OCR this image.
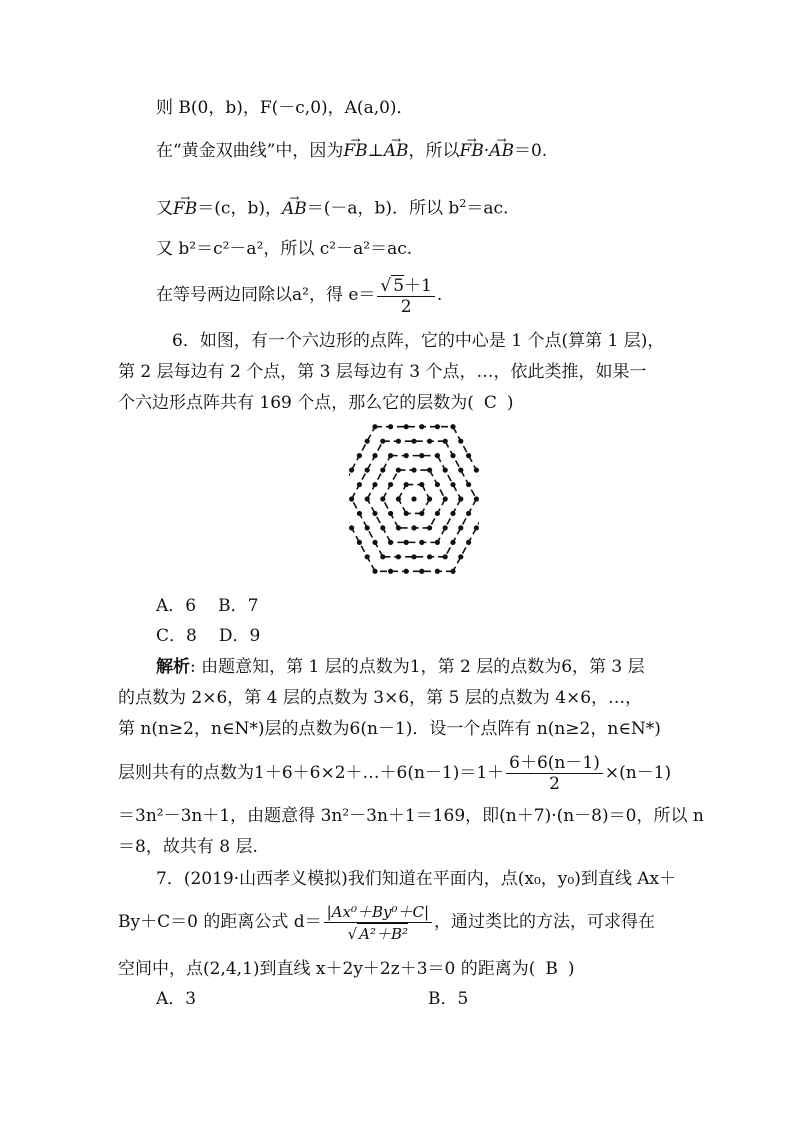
则 B(0，b)，F(－c,0)，A(a,0)．
在“黄金双曲线”中，因为→ FB⊥→ AB，所以→ FB·→ AB＝0.
又→ FB＝(c，b)，→ AB＝(－a，b)．所以 $b^2=ac$.
又 b²＝c²－a²，所以 c²－a²＝ac.
在等号两边同除以a²，得 $e= \frac{√ 5+1}{2}$ .
6．如图，有一个六边形的点阵，它的中心是 1 个点(算第 1 层)，
第 2 层每边有 2 个点，第 3 层每边有 3 个点，…，依此类推，如果一
个六边形点阵共有 169 个点，那么它的层数为( C )
A．6 B．7
C．8 D．9
解析: 由题意知，第 1 层的点数为1，第 2 层的点数为6，第 3 层
的点数为 2×6，第 4 层的点数为 3×6，第 5 层的点数为 4×6，…，
第 n(n≥2，n∈N*)层的点数为6(n－1)．设一个点阵有 n(n≥2，n∈N*)
层则共有的点数为1＋6＋6×2＋…＋6(n－1)＝1＋ $\frac{6+6(n-1)}{2} \times(n-1)$
＝3n²－3n＋1，由题意得 3n²－3n＋1＝169，即(n＋7)·(n－8)＝0，所以 n
＝8，故共有 8 层.
7．(2019·山西孝义模拟)我们知道在平面内，点(x₀，y₀)到直线 Ax＋
By＋C＝0 的距离公式 $d= \frac{\text{|Ax⁰＋By⁰＋C|}}{\text{√ A²＋B²}}$ ，通过类比的方法，可求得在
空间中，点(2,4,1)到直线 x＋2y＋2z＋3＝0 的距离为( B )
A．3	B．5
